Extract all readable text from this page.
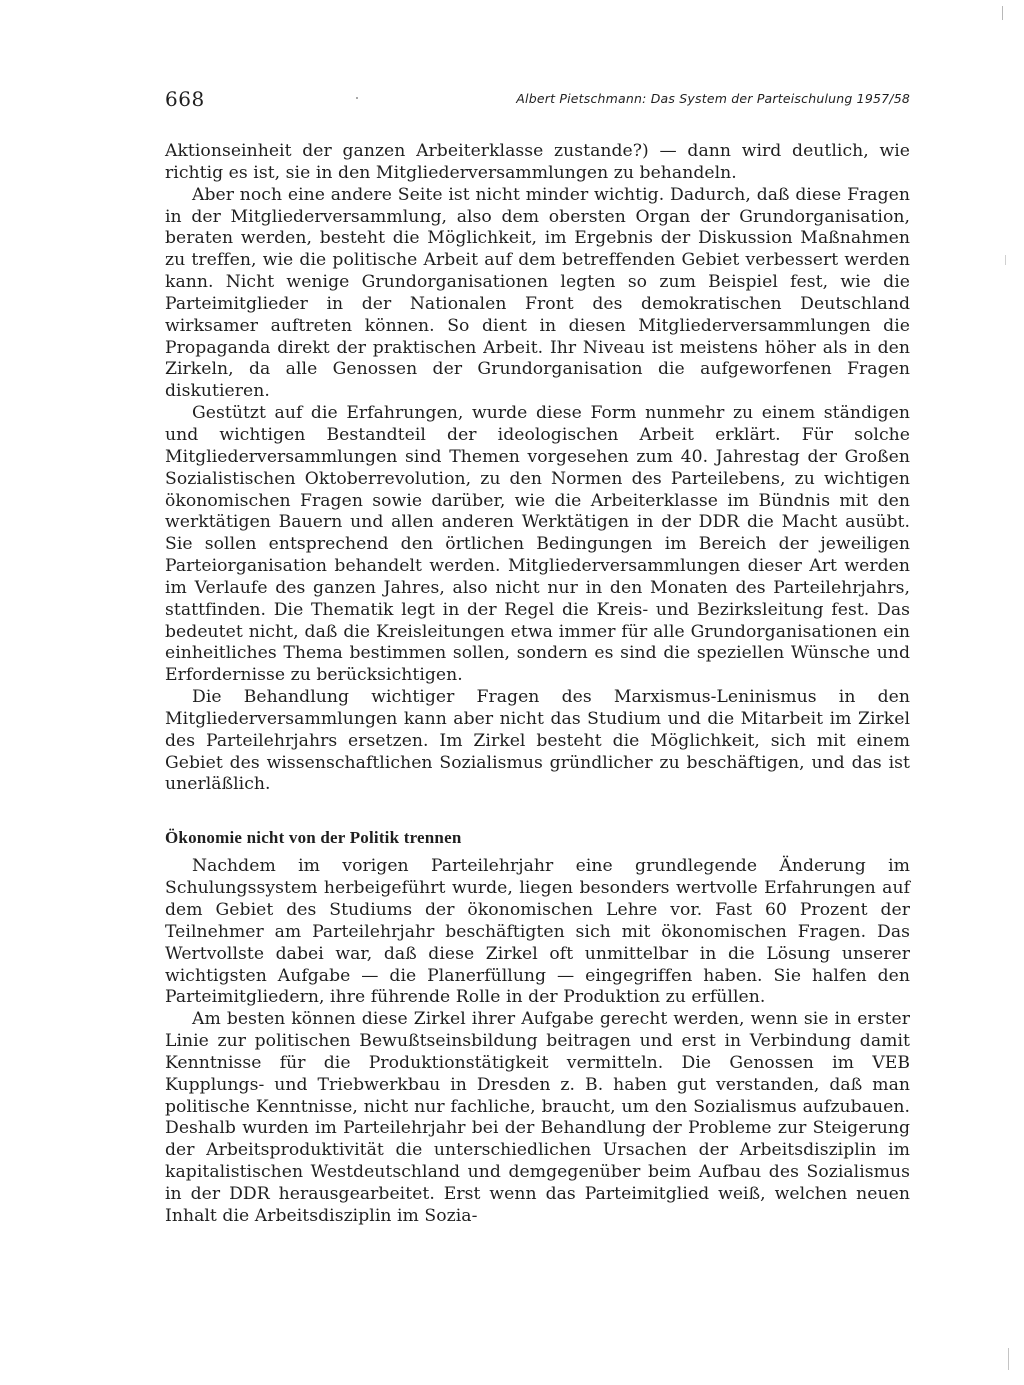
668	Albert Pietschmann: Das System der Parteischulung 1957/58

Aktionseinheit der ganzen Arbeiterklasse zustande?) — dann wird deutlich, wie richtig es ist, sie in den Mitgliederversammlungen zu behandeln.

Aber noch eine andere Seite ist nicht minder wichtig. Dadurch, daß diese Fragen in der Mitgliederversammlung, also dem obersten Organ der Grundorganisation, beraten werden, besteht die Möglichkeit, im Ergebnis der Diskussion Maßnahmen zu treffen, wie die politische Arbeit auf dem betreffenden Gebiet verbessert werden kann. Nicht wenige Grundorganisationen legten so zum Beispiel fest, wie die Parteimitglieder in der Nationalen Front des demokratischen Deutschland wirksamer auftreten können. So dient in diesen Mitgliederversammlungen die Propaganda direkt der praktischen Arbeit. Ihr Niveau ist meistens höher als in den Zirkeln, da alle Genossen der Grundorganisation die aufgeworfenen Fragen diskutieren.

Gestützt auf die Erfahrungen, wurde diese Form nunmehr zu einem ständigen und wichtigen Bestandteil der ideologischen Arbeit erklärt. Für solche Mitgliederversammlungen sind Themen vorgesehen zum 40. Jahrestag der Großen Sozialistischen Oktoberrevolution, zu den Normen des Parteilebens, zu wichtigen ökonomischen Fragen sowie darüber, wie die Arbeiterklasse im Bündnis mit den werktätigen Bauern und allen anderen Werktätigen in der DDR die Macht ausübt. Sie sollen entsprechend den örtlichen Bedingungen im Bereich der jeweiligen Parteiorganisation behandelt werden. Mitgliederversammlungen dieser Art werden im Verlaufe des ganzen Jahres, also nicht nur in den Monaten des Parteilehrjahrs, stattfinden. Die Thematik legt in der Regel die Kreis- und Bezirksleitung fest. Das bedeutet nicht, daß die Kreisleitungen etwa immer für alle Grundorganisationen ein einheitliches Thema bestimmen sollen, sondern es sind die speziellen Wünsche und Erfordernisse zu berücksichtigen.

Die Behandlung wichtiger Fragen des Marxismus-Leninismus in den Mitgliederversammlungen kann aber nicht das Studium und die Mitarbeit im Zirkel des Parteilehrjahrs ersetzen. Im Zirkel besteht die Möglichkeit, sich mit einem Gebiet des wissenschaftlichen Sozialismus gründlicher zu beschäftigen, und das ist unerläßlich.

Ökonomie nicht von der Politik trennen

Nachdem im vorigen Parteilehrjahr eine grundlegende Änderung im Schulungssystem herbeigeführt wurde, liegen besonders wertvolle Erfahrungen auf dem Gebiet des Studiums der ökonomischen Lehre vor. Fast 60 Prozent der Teilnehmer am Parteilehrjahr beschäftigten sich mit ökonomischen Fragen. Das Wertvollste dabei war, daß diese Zirkel oft unmittelbar in die Lösung unserer wichtigsten Aufgabe — die Planerfüllung — eingegriffen haben. Sie halfen den Parteimitgliedern, ihre führende Rolle in der Produktion zu erfüllen.

Am besten können diese Zirkel ihrer Aufgabe gerecht werden, wenn sie in erster Linie zur politischen Bewußtseinsbildung beitragen und erst in Verbindung damit Kenntnisse für die Produktionstätigkeit vermitteln. Die Genossen im VEB Kupplungs- und Triebwerkbau in Dresden z. B. haben gut verstanden, daß man politische Kenntnisse, nicht nur fachliche, braucht, um den Sozialismus aufzubauen. Deshalb wurden im Parteilehrjahr bei der Behandlung der Probleme zur Steigerung der Arbeitsproduktivität die unterschiedlichen Ursachen der Arbeitsdisziplin im kapitalistischen Westdeutschland und demgegenüber beim Aufbau des Sozialismus in der DDR herausgearbeitet. Erst wenn das Parteimitglied weiß, welchen neuen Inhalt die Arbeitsdisziplin im Sozia-
